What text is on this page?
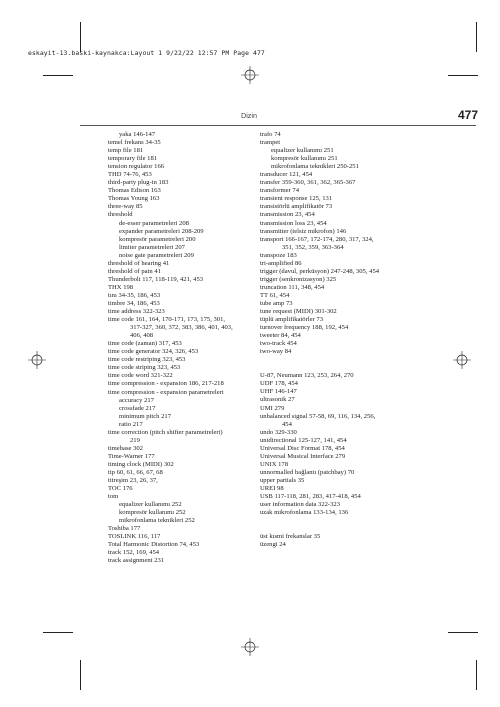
eskayit-13.baski-kaynakca:Layout 1 9/22/22 12:57 PM Page 477
Dizin	477
yaka 146-147
temel frekans 34-35
temp file 181
temporary file 181
tension regulator 166
THD 74-76, 453
third-party plug-in 183
Thomas Edison 163
Thomas Young 163
three-way 85
threshold
de-esser parametreleri 208
expander parametreleri 208-209
kompresör parametreleri 200
limiter parametreleri 207
noise gate parametreleri 209
threshold of hearing 41
threshold of pain 41
Thunderbolt 117, 118-119, 421, 453
THX 198
tını 34-35, 186, 453
timbre 34, 186, 453
time address 322-323
time code 161, 164, 170-171, 173, 175, 301,
317-327, 360, 372, 383, 386, 401, 403,
406, 408
time code (zaman) 317, 453
time code generator 324, 326, 453
time code restriping 323, 453
time code striping 323, 453
time code word 321-322
time compression - expansion 186, 217-218
time compression - expansion parametreleri
accuracy 217
crossfade 217
minimum pitch 217
ratio 217
time correction (pitch shifter parametreleri)
219
timebase 302
Time-Warner 177
timing clock (MIDI) 302
tip 60, 61, 66, 67, 68
titreşim 23, 26, 37,
TOC 176
tom
equalizer kullanımı 252
kompresör kullanımı 252
mikrofonlama teknikleri 252
Toshiba 177
TOSLINK 116, 117
Total Harmonic Distortion 74, 453
track 152, 169, 454
track assignment 231
trafo 74
trampet
equalizer kullanımı 251
kompresör kullanımı 251
mikrofonlama teknikleri 250-251
transducer 121, 454
transfer 359-360, 361, 362, 365-367
transformer 74
transient response 125, 131
transistörlü amplifikatör 73
transmission 23, 454
transmission loss 23, 454
transmitter (telsiz mikrofon) 146
transport 166-167, 172-174, 280, 317, 324,
351, 352, 359, 363-364
transpoze 183
tri-amplified 86
trigger (davul, perküsyon) 247-248, 305, 454
trigger (senkronizasyon) 325
truncation 111, 348, 454
TT 61, 454
tube amp 73
tune request (MIDI) 301-302
tüplü amplifikatörler 73
turnover frequency 188, 192, 454
tweeter 84, 454
two-track 454
two-way 84
U-87, Neumann 123, 253, 264, 270
UDF 178, 454
UHF 146-147
ultrasonik 27
UMI 279
unbalanced signal 57-58, 69, 116, 134, 256,
454
undo 329-330
unidirectional 125-127, 141, 454
Universal Disc Format 178, 454
Universal Musical Interface 279
UNIX 178
unnormalled bağlantı (patchbay) 70
upper partials 35
UREI 98
USB 117-118, 281, 283, 417-418, 454
user information data 322-323
uzak mikrofonlama 133-134, 136
üst kısmi frekanslar 35
üzengi 24
